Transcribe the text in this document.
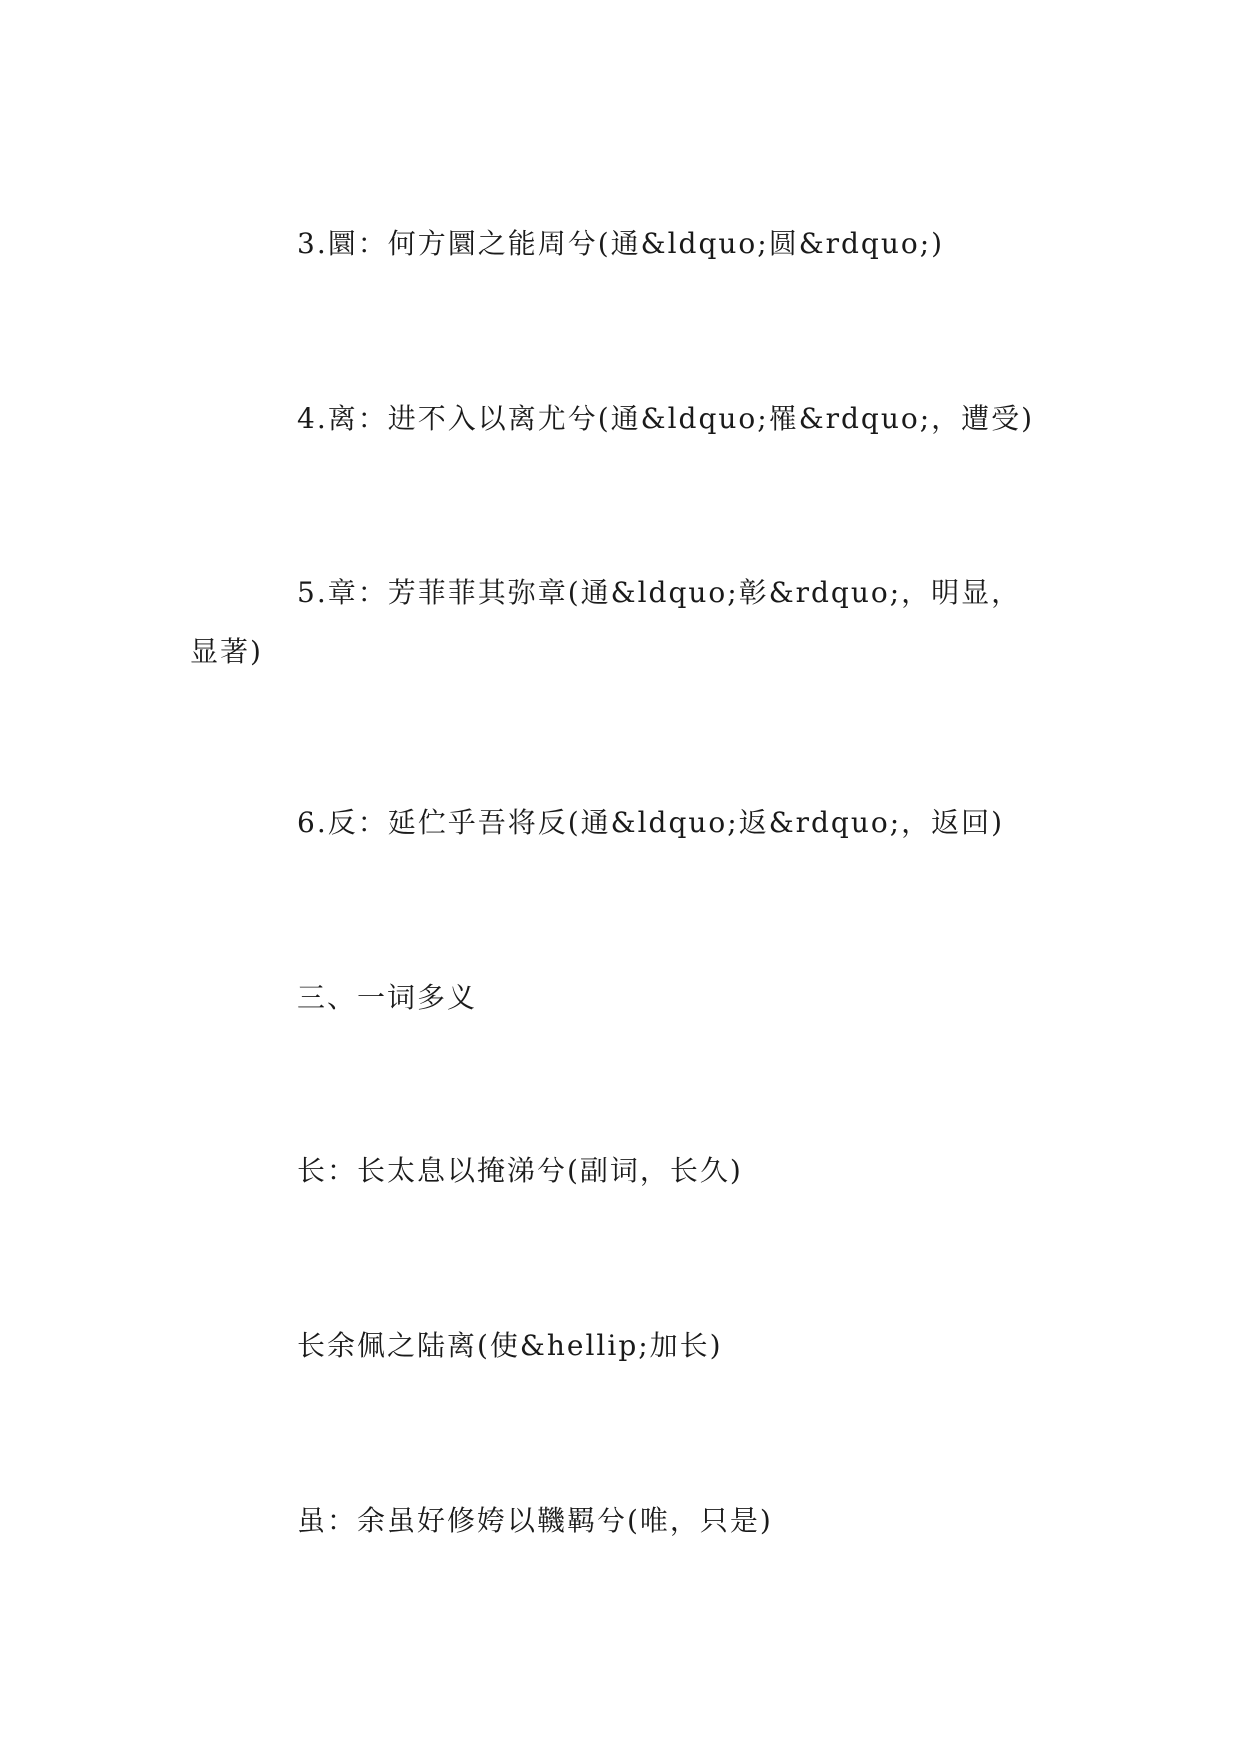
3.圜：何方圜之能周兮(通&ldquo;圆&rdquo;)
4.离：进不入以离尤兮(通&ldquo;罹&rdquo;，遭受)
5.章：芳菲菲其弥章(通&ldquo;彰&rdquo;，明显，
显著)
6.反：延伫乎吾将反(通&ldquo;返&rdquo;，返回)
三、一词多义
长：长太息以掩涕兮(副词，长久)
长余佩之陆离(使&hellip;加长)
虽：余虽好修姱以鞿羁兮(唯，只是)
